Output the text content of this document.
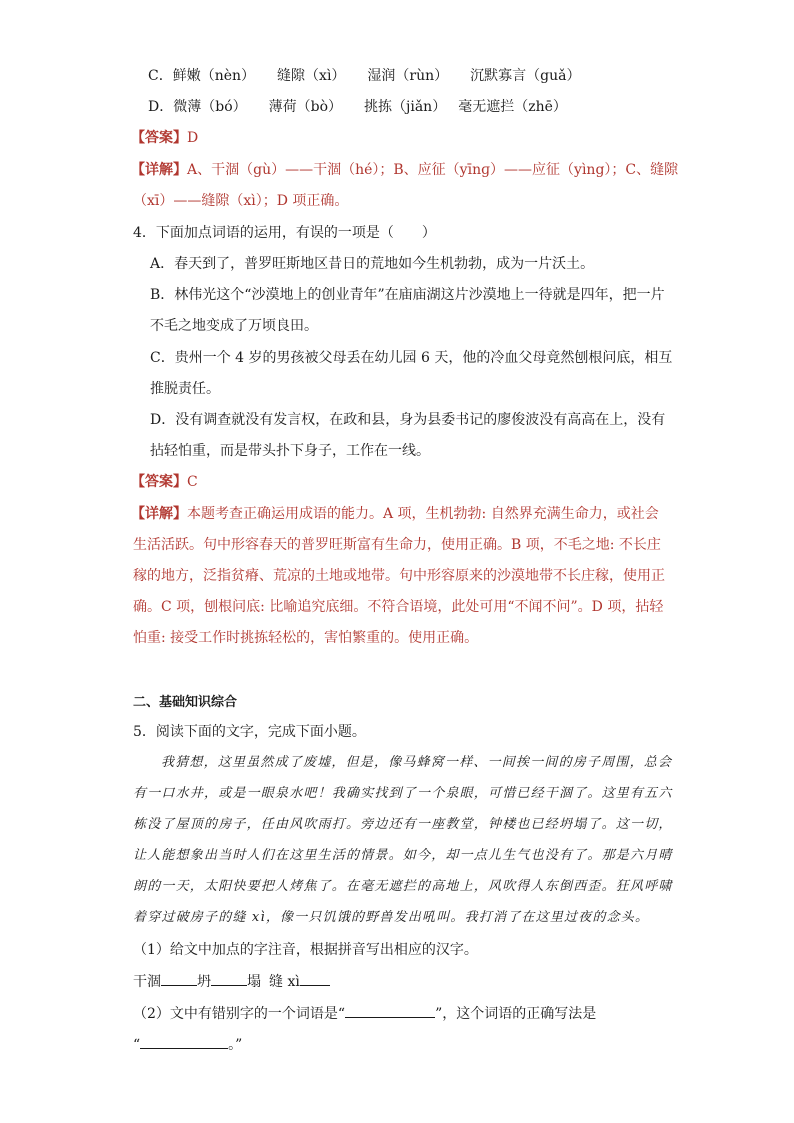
C．鲜嫩（nèn） 缝隙（xì） 湿润（rùn） 沉默寡言（guǎ）
D．微薄（bó） 薄荷（bò） 挑拣（jiǎn） 毫无遮拦（zhē）
【答案】D
【详解】A、干涸（gù）——干涸（hé）；B、应征（yīnɡ）——应征（yìng）；C、缝隙
（xī）——缝隙（xì）；D 项正确。
4．下面加点词语的运用，有误的一项是（　　）
A．春天到了，普罗旺斯地区昔日的荒地如今生机勃勃，成为一片沃土。
B．林伟光这个“沙漠地上的创业青年”在庙庙湖这片沙漠地上一待就是四年，把一片
不毛之地变成了万顷良田。
C．贵州一个 4 岁的男孩被父母丢在幼儿园 6 天，他的冷血父母竟然刨根问底，相互
推脱责任。
D．没有调查就没有发言权，在政和县，身为县委书记的廖俊波没有高高在上，没有
拈轻怕重，而是带头扑下身子，工作在一线。
【答案】C
【详解】本题考查正确运用成语的能力。A 项，生机勃勃: 自然界充满生命力，或社会
生活活跃。句中形容春天的普罗旺斯富有生命力，使用正确。B 项，不毛之地: 不长庄
稼的地方，泛指贫瘠、荒凉的土地或地带。句中形容原来的沙漠地带不长庄稼，使用正
确。C 项，刨根问底: 比喻追究底细。不符合语境，此处可用“不闻不问”。D 项，拈轻
怕重: 接受工作时挑拣轻松的，害怕繁重的。使用正确。
二、基础知识综合
5．阅读下面的文字，完成下面小题。
我猜想，这里虽然成了废墟，但是，像马蜂窝一样、一间挨一间的房子周围，总会
有一口水井，或是一眼泉水吧！我确实找到了一个泉眼，可惜已经干涸了。这里有五六
栋没了屋顶的房子，任由风吹雨打。旁边还有一座教堂，钟楼也已经坍塌了。这一切，
让人能想象出当时人们在这里生活的情景。如今，却一点儿生气也没有了。那是六月晴
朗的一天，太阳快要把人烤焦了。在毫无遮拦的高地上，风吹得人东倒西歪。狂风呼啸
着穿过破房子的缝 xì，像一只饥饿的野兽发出吼叫。我打消了在这里过夜的念头。
（1）给文中加点的字注音，根据拼音写出相应的汉字。
干涸	坍	塌 缝 xì
（2）文中有错别字的一个词语是“	”，这个词语的正确写法是
“	。”
